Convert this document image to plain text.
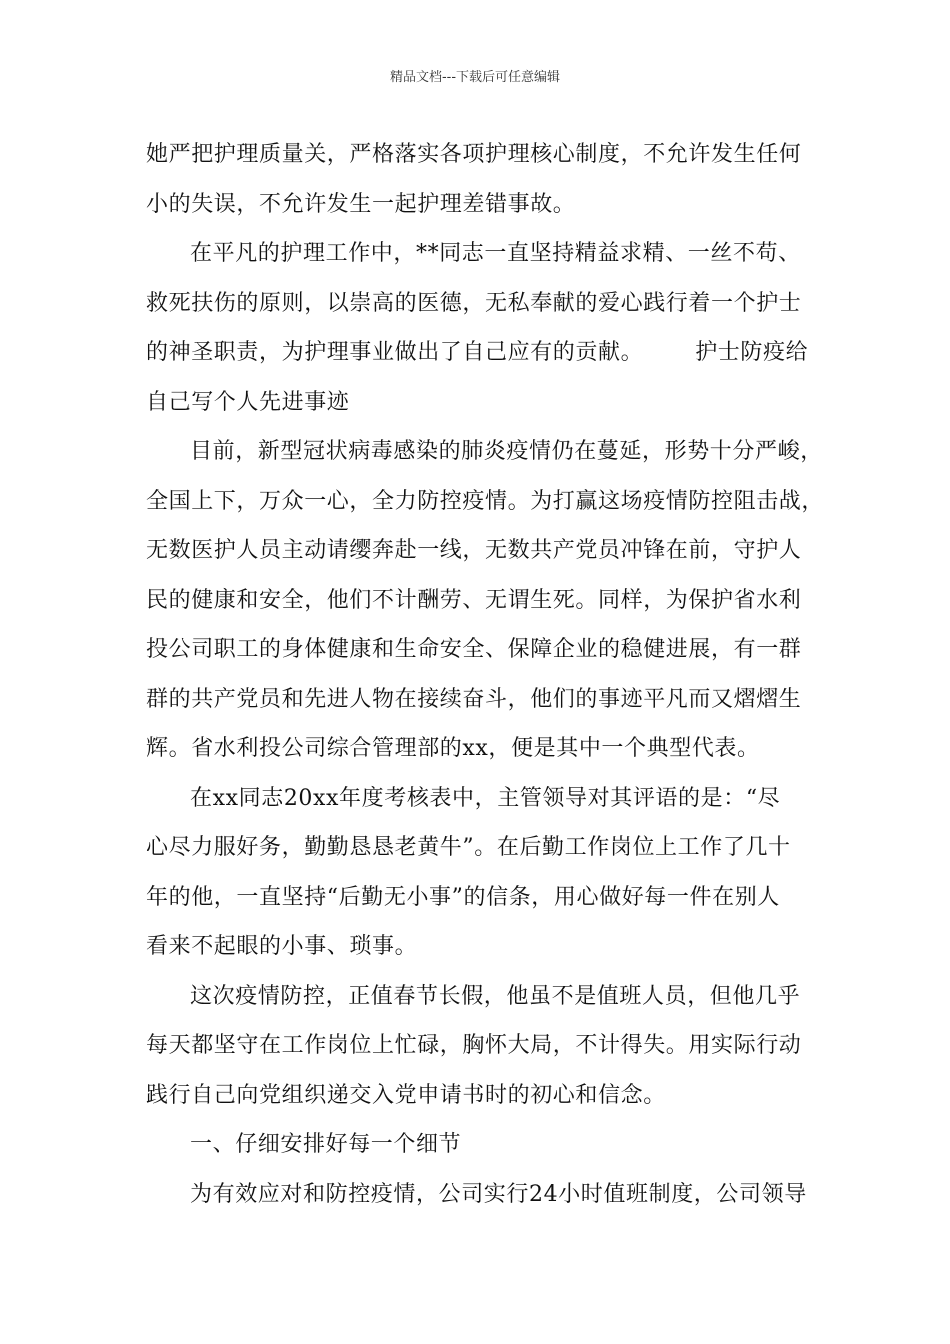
精品文档---下载后可任意编辑
她严把护理质量关，严格落实各项护理核心制度，不允许发生任何
小的失误，不允许发生一起护理差错事故。
在平凡的护理工作中，**同志一直坚持精益求精、一丝不苟、
救死扶伤的原则，以崇高的医德，无私奉献的爱心践行着一个护士
的神圣职责，为护理事业做出了自己应有的贡献。 护士防疫给
自己写个人先进事迹
目前，新型冠状病毒感染的肺炎疫情仍在蔓延，形势十分严峻，
全国上下，万众一心，全力防控疫情。为打赢这场疫情防控阻击战，
无数医护人员主动请缨奔赴一线，无数共产党员冲锋在前，守护人
民的健康和安全，他们不计酬劳、无谓生死。同样，为保护省水利
投公司职工的身体健康和生命安全、保障企业的稳健进展，有一群
群的共产党员和先进人物在接续奋斗，他们的事迹平凡而又熠熠生
辉。省水利投公司综合管理部的xx，便是其中一个典型代表。
在xx同志20xx年度考核表中，主管领导对其评语的是：“尽
心尽力服好务，勤勤恳恳老黄牛”。在后勤工作岗位上工作了几十
年的他，一直坚持“后勤无小事”的信条，用心做好每一件在别人
看来不起眼的小事、琐事。
这次疫情防控，正值春节长假，他虽不是值班人员，但他几乎
每天都坚守在工作岗位上忙碌，胸怀大局，不计得失。用实际行动
践行自己向党组织递交入党申请书时的初心和信念。
一、仔细安排好每一个细节
为有效应对和防控疫情，公司实行24小时值班制度，公司领导
